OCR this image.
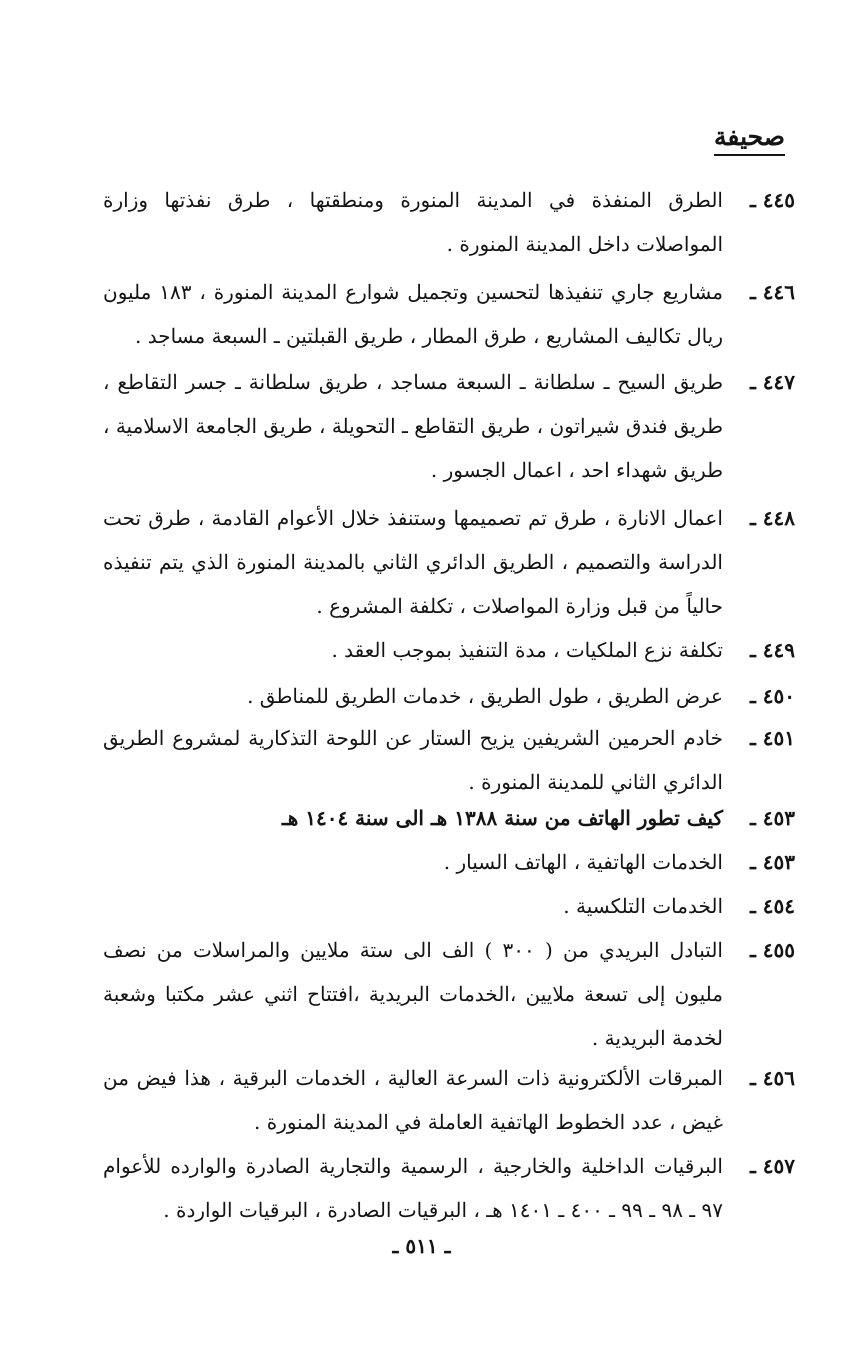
صحيفة
٤٤٥ ـ
الطرق المنفذة في المدينة المنورة ومنطقتها ، طرق نفذتها وزارة المواصلات داخل المدينة المنورة .
٤٤٦ ـ
مشاريع جاري تنفيذها لتحسين وتجميل شوارع المدينة المنورة ، ١٨٣ مليون ريال تكاليف المشاريع ، طرق المطار ، طريق القبلتين ـ السبعة مساجد .
٤٤٧ ـ
طريق السيح ـ سلطانة ـ السبعة مساجد ، طريق سلطانة ـ جسر التقاطع ، طريق فندق شيراتون ، طريق التقاطع ـ التحويلة ، طريق الجامعة الاسلامية ، طريق شهداء احد ، اعمال الجسور .
٤٤٨ ـ
اعمال الانارة ، طرق تم تصميمها وستنفذ خلال الأعوام القادمة ، طرق تحت الدراسة والتصميم ، الطريق الدائري الثاني بالمدينة المنورة الذي يتم تنفيذه حالياً من قبل وزارة المواصلات ، تكلفة المشروع .
٤٤٩ ـ
تكلفة نزع الملكيات ، مدة التنفيذ بموجب العقد .
٤٥٠ ـ
عرض الطريق ، طول الطريق ، خدمات الطريق للمناطق .
٤٥١ ـ
خادم الحرمين الشريفين يزيح الستار عن اللوحة التذكارية لمشروع الطريق الدائري الثاني للمدينة المنورة .
٤٥٣ ـ
كيف تطور الهاتف من سنة ١٣٨٨ هـ الى سنة ١٤٠٤ هـ
٤٥٣ ـ
الخدمات الهاتفية ، الهاتف السيار .
٤٥٤ ـ
الخدمات التلكسية .
٤٥٥ ـ
التبادل البريدي من ( ٣٠٠ ) الف الى ستة ملايين والمراسلات من نصف مليون إلى تسعة ملايين ،الخدمات البريدية ،افتتاح اثني عشر مكتبا وشعبة لخدمة البريدية .
٤٥٦ ـ
المبرقات الألكترونية ذات السرعة العالية ، الخدمات البرقية ، هذا فيض من غيض ، عدد الخطوط الهاتفية العاملة في المدينة المنورة .
٤٥٧ ـ
البرقيات الداخلية والخارجية ، الرسمية والتجارية الصادرة والوارده للأعوام ٩٧ ـ ٩٨ ـ ٩٩ ـ ٤٠٠ ـ ١٤٠١ هـ ، البرقيات الصادرة ، البرقيات الواردة .
ـ ٥١١ ـ
